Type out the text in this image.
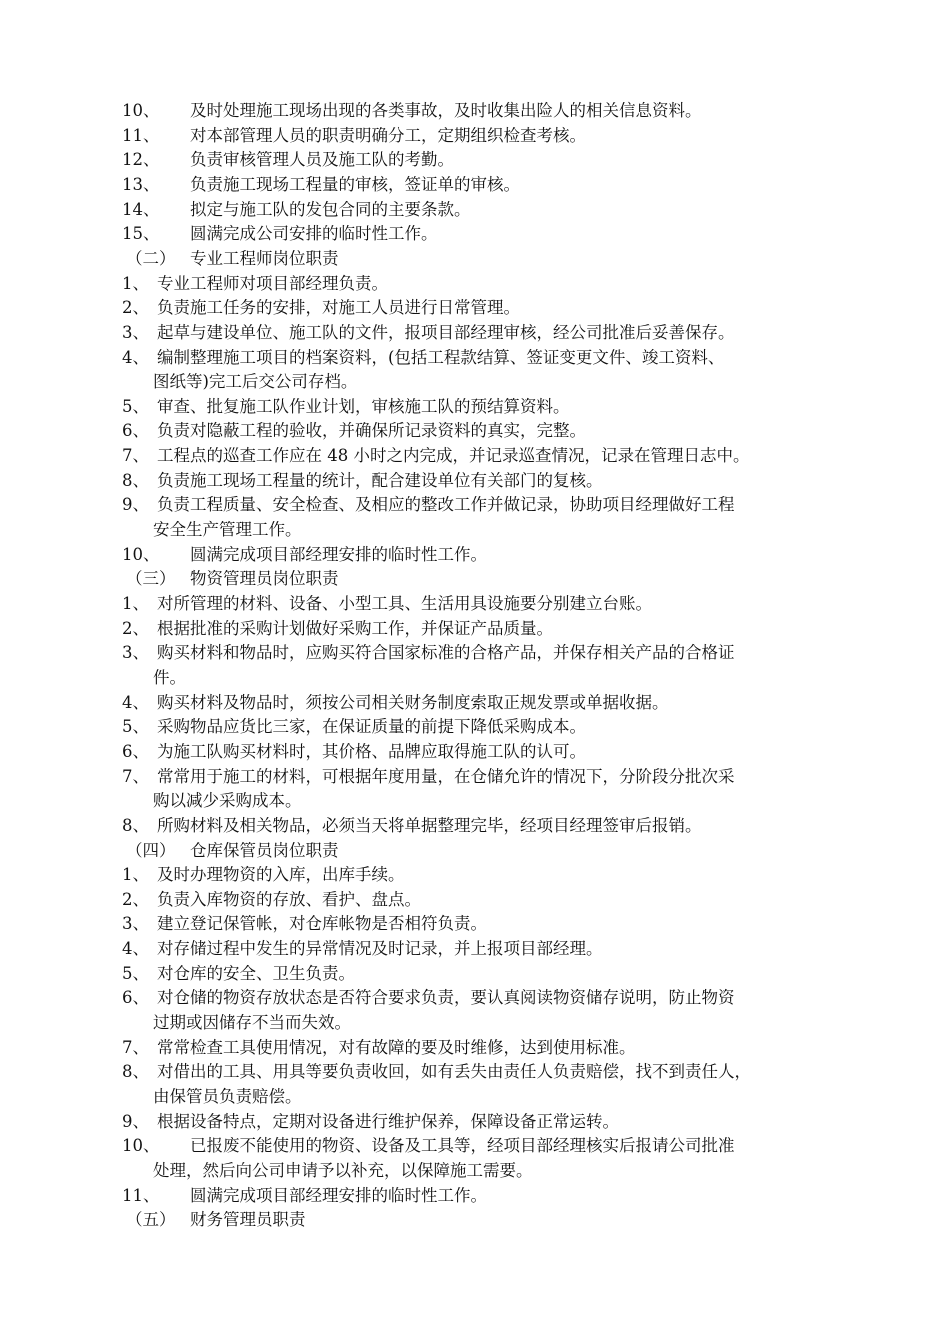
10、 及时处理施工现场出现的各类事故，及时收集出险人的相关信息资料。
11、 对本部管理人员的职责明确分工，定期组织检查考核。
12、 负责审核管理人员及施工队的考勤。
13、 负责施工现场工程量的审核，签证单的审核。
14、 拟定与施工队的发包合同的主要条款。
15、 圆满完成公司安排的临时性工作。
（二） 专业工程师岗位职责
1、 专业工程师对项目部经理负责。
2、 负责施工任务的安排，对施工人员进行日常管理。
3、 起草与建设单位、施工队的文件，报项目部经理审核，经公司批准后妥善保存。
4、 编制整理施工项目的档案资料，(包括工程款结算、签证变更文件、竣工资料、
图纸等)完工后交公司存档。
5、 审查、批复施工队作业计划，审核施工队的预结算资料。
6、 负责对隐蔽工程的验收，并确保所记录资料的真实，完整。
7、 工程点的巡查工作应在 48 小时之内完成，并记录巡查情况，记录在管理日志中。
8、 负责施工现场工程量的统计，配合建设单位有关部门的复核。
9、 负责工程质量、安全检查、及相应的整改工作并做记录，协助项目经理做好工程
安全生产管理工作。
10、 圆满完成项目部经理安排的临时性工作。
（三） 物资管理员岗位职责
1、 对所管理的材料、设备、小型工具、生活用具设施要分别建立台账。
2、 根据批准的采购计划做好采购工作，并保证产品质量。
3、 购买材料和物品时，应购买符合国家标准的合格产品，并保存相关产品的合格证
件。
4、 购买材料及物品时，须按公司相关财务制度索取正规发票或单据收据。
5、 采购物品应货比三家，在保证质量的前提下降低采购成本。
6、 为施工队购买材料时，其价格、品牌应取得施工队的认可。
7、 常常用于施工的材料，可根据年度用量，在仓储允许的情况下，分阶段分批次采
购以减少采购成本。
8、 所购材料及相关物品，必须当天将单据整理完毕，经项目经理签审后报销。
（四） 仓库保管员岗位职责
1、 及时办理物资的入库，出库手续。
2、 负责入库物资的存放、看护、盘点。
3、 建立登记保管帐，对仓库帐物是否相符负责。
4、 对存储过程中发生的异常情况及时记录，并上报项目部经理。
5、 对仓库的安全、卫生负责。
6、 对仓储的物资存放状态是否符合要求负责，要认真阅读物资储存说明，防止物资
过期或因储存不当而失效。
7、 常常检查工具使用情况，对有故障的要及时维修，达到使用标准。
8、 对借出的工具、用具等要负责收回，如有丢失由责任人负责赔偿，找不到责任人，
由保管员负责赔偿。
9、 根据设备特点，定期对设备进行维护保养，保障设备正常运转。
10、 已报废不能使用的物资、设备及工具等，经项目部经理核实后报请公司批准
处理，然后向公司申请予以补充，以保障施工需要。
11、 圆满完成项目部经理安排的临时性工作。
（五） 财务管理员职责
